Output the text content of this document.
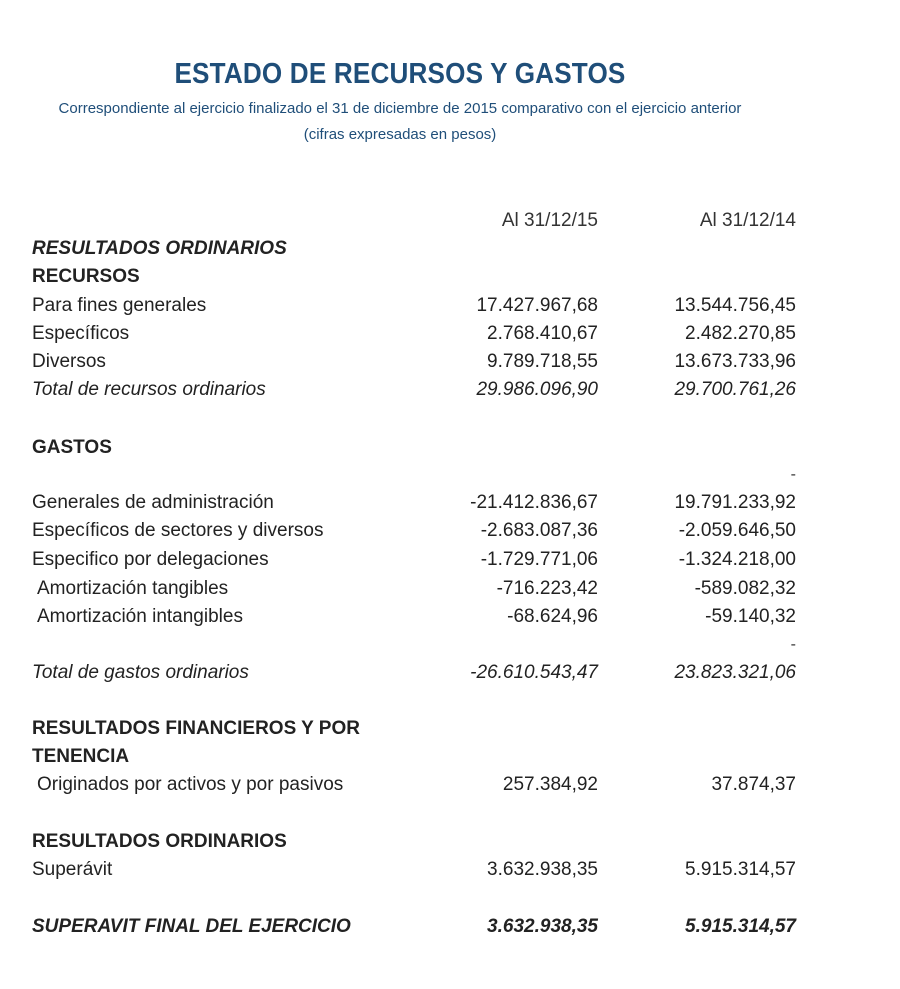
ESTADO DE RECURSOS Y GASTOS
Correspondiente al ejercicio finalizado el 31 de diciembre de 2015 comparativo con el ejercicio anterior
(cifras expresadas en pesos)
Al 31/12/15	Al 31/12/14
RESULTADOS ORDINARIOS
RECURSOS
Para fines generales	17.427.967,68	13.544.756,45
Específicos	2.768.410,67	2.482.270,85
Diversos	9.789.718,55	13.673.733,96
Total de recursos ordinarios	29.986.096,90	29.700.761,26
GASTOS
-
Generales de administración	-21.412.836,67	19.791.233,92
Específicos de sectores y diversos	-2.683.087,36	-2.059.646,50
Especifico por delegaciones	-1.729.771,06	-1.324.218,00
Amortización tangibles	-716.223,42	-589.082,32
Amortización intangibles	-68.624,96	-59.140,32
-
Total de gastos ordinarios	-26.610.543,47	23.823.321,06
RESULTADOS FINANCIEROS Y POR
TENENCIA
Originados por activos y por pasivos	257.384,92	37.874,37
RESULTADOS ORDINARIOS
Superávit	3.632.938,35	5.915.314,57
SUPERAVIT FINAL DEL EJERCICIO	3.632.938,35	5.915.314,57
